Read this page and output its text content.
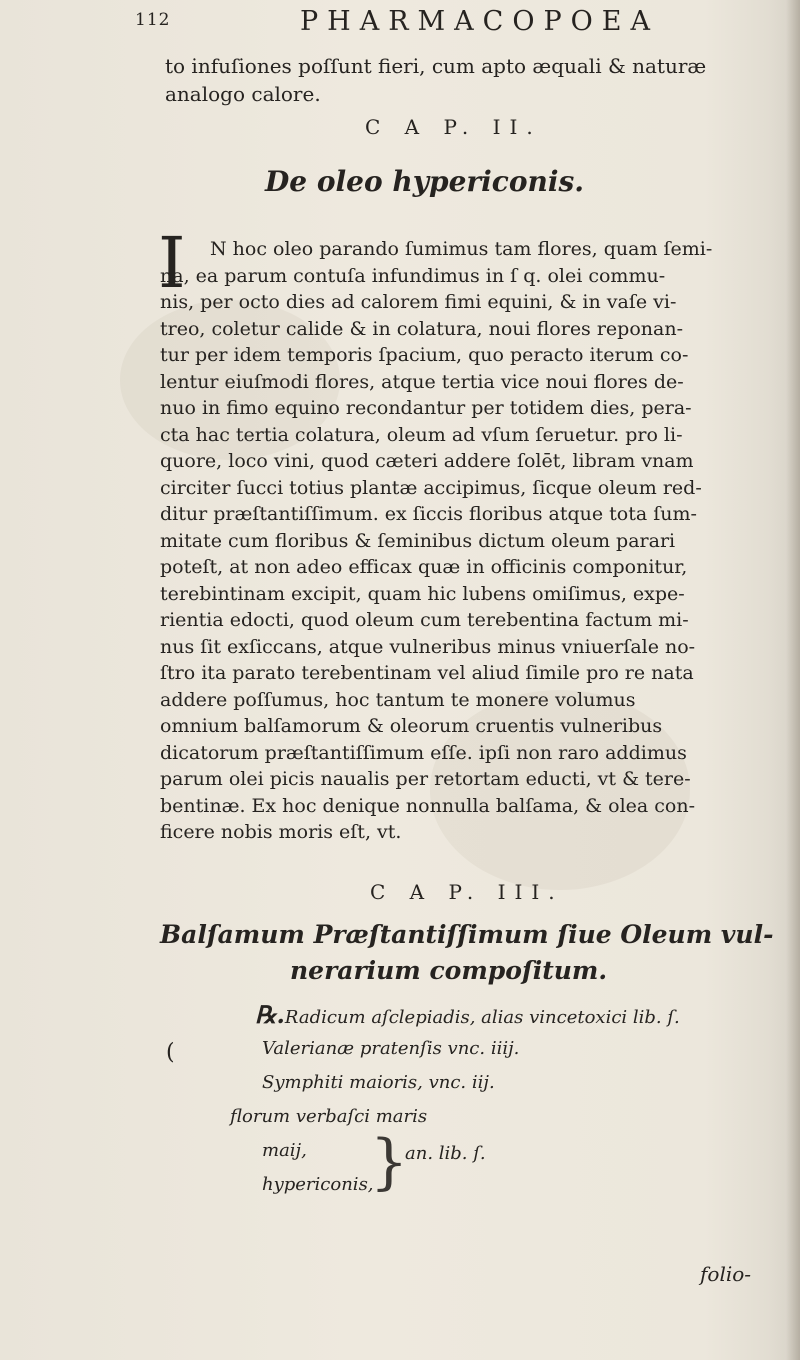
112	PHARMACOPOEA
to infuſiones poſſunt fieri, cum apto æquali & naturæ
analogo calore.
C A P. II.
De oleo hypericonis.
I N hoc oleo parando ſumimus tam flores, quam ſemi-
na, ea parum contuſa infundimus in ſ q. olei commu-
nis, per octo dies ad calorem fimi equini, & in vaſe vi-
treo, coletur calide & in colatura, noui flores reponan-
tur per idem temporis ſpacium, quo peracto iterum co-
lentur eiuſmodi flores, atque tertia vice noui flores de-
nuo in fimo equino recondantur per totidem dies, pera-
cta hac tertia colatura, oleum ad vſum ſeruetur. pro li-
quore, loco vini, quod cæteri addere ſolēt, libram vnam
circiter ſucci totius plantæ accipimus, ſicque oleum red-
ditur præſtantiſſimum. ex ſiccis floribus atque tota ſum-
mitate cum floribus & ſeminibus dictum oleum parari
poteſt, at non adeo efficax quæ in officinis componitur,
terebintinam excipit, quam hic lubens omiſimus, expe-
rientia edocti, quod oleum cum terebentina factum mi-
nus ſit exſiccans, atque vulneribus minus vniuerſale no-
ſtro ita parato terebentinam vel aliud ſimile pro re nata
addere poſſumus, hoc tantum te monere volumus
omnium balſamorum & oleorum cruentis vulneribus
dicatorum præſtantiſſimum eſſe. ipſi non raro addimus
parum olei picis naualis per retortam educti, vt & tere-
bentinæ. Ex hoc denique nonnulla balſama, & olea con-
ficere nobis moris eſt, vt.
C A P. III.
Balſamum Præſtantiſſimum ſiue Oleum vul-
nerarium compoſitum.
℞.Radicum aſclepiadis, alias vincetoxici lib. ſ.
(	Valerianæ pratenſis vnc. iiij.
Symphiti maioris, vnc. iij.
florum verbaſci maris
maij,
hypericonis,
}
an. lib. ſ.
folio-
